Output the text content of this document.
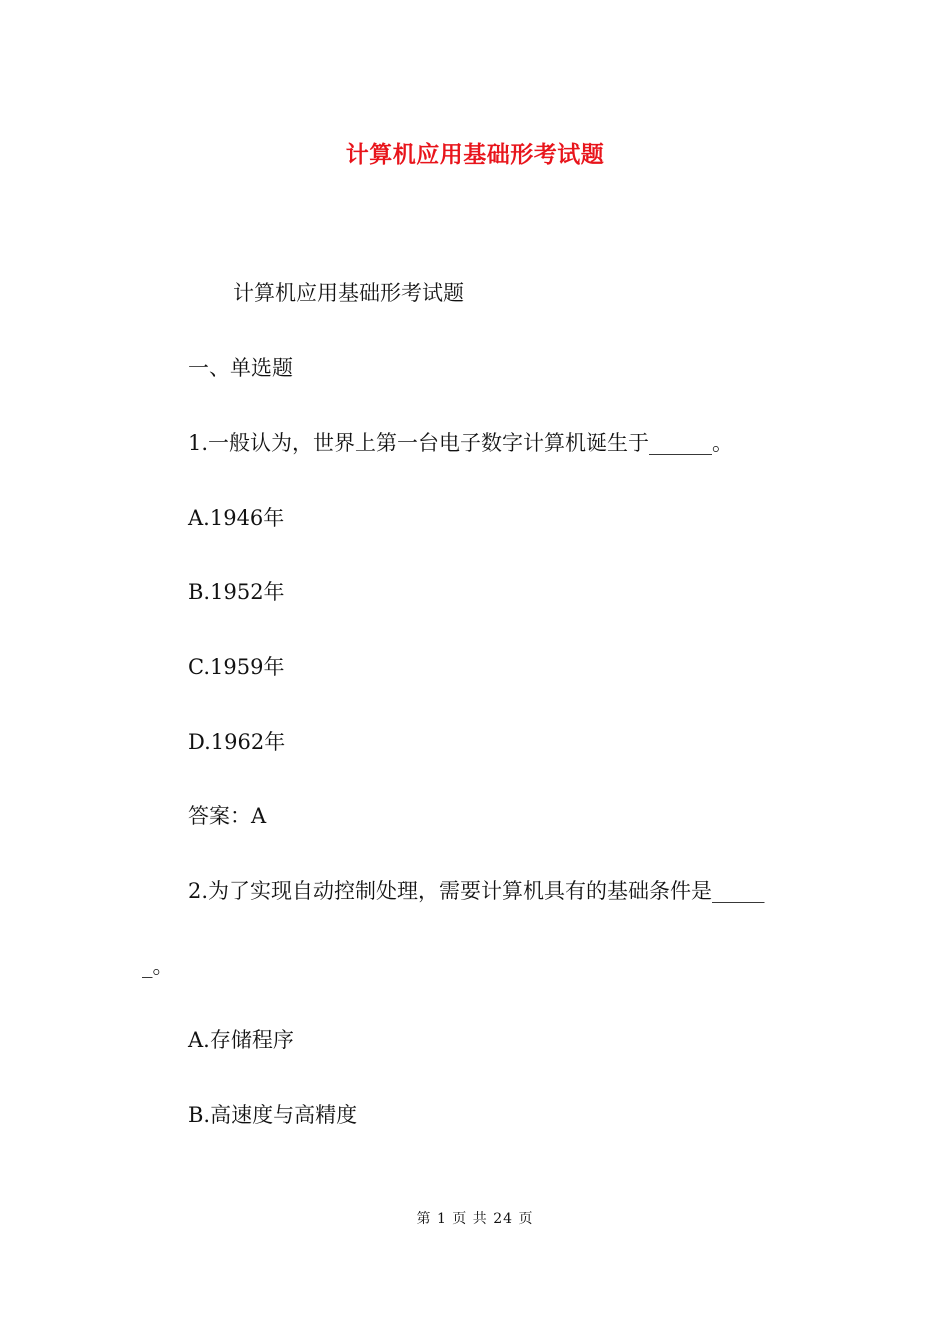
计算机应用基础形考试题
计算机应用基础形考试题
一、单选题
1.一般认为，世界上第一台电子数字计算机诞生于______。
A.1946年
B.1952年
C.1959年
D.1962年
答案：A
2.为了实现自动控制处理，需要计算机具有的基础条件是_____
_。
A.存储程序
B.高速度与高精度
第 1 页 共 24 页
